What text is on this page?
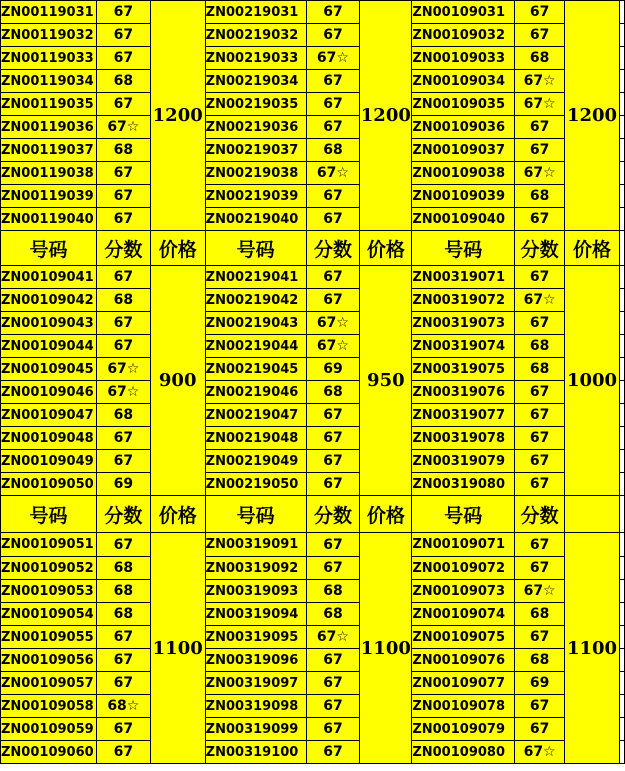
ZN00119031	67	1200	ZN00219031	67	1200	ZN00109031	67	1200	
ZN00119032	67		ZN00219032	67		ZN00109032	67		
ZN00119033	67		ZN00219033	67☆		ZN00109033	68		
ZN00119034	68		ZN00219034	67		ZN00109034	67☆		
ZN00119035	67		ZN00219035	67		ZN00109035	67☆		
ZN00119036	67☆		ZN00219036	67		ZN00109036	67		
ZN00119037	68		ZN00219037	68		ZN00109037	67		
ZN00119038	67		ZN00219038	67☆		ZN00109038	67☆		
ZN00119039	67		ZN00219039	67		ZN00109039	68		
ZN00119040	67		ZN00219040	67		ZN00109040	67		
号码	分数	价格	号码	分数	价格	号码	分数	价格	
ZN00109041	67	900	ZN00219041	67	950	ZN00319071	67	1000	
ZN00109042	68		ZN00219042	67		ZN00319072	67☆		
ZN00109043	67		ZN00219043	67☆		ZN00319073	67		
ZN00109044	67		ZN00219044	67☆		ZN00319074	68		
ZN00109045	67☆		ZN00219045	69		ZN00319075	68		
ZN00109046	67☆		ZN00219046	68		ZN00319076	67		
ZN00109047	68		ZN00219047	67		ZN00319077	67		
ZN00109048	67		ZN00219048	67		ZN00319078	67		
ZN00109049	67		ZN00219049	67		ZN00319079	67		
ZN00109050	69		ZN00219050	67		ZN00319080	67		
号码	分数	价格	号码	分数	价格	号码	分数		
ZN00109051	67	1100	ZN00319091	67	1100	ZN00109071	67	1100	
ZN00109052	68		ZN00319092	67		ZN00109072	67		
ZN00109053	68		ZN00319093	68		ZN00109073	67☆		
ZN00109054	68		ZN00319094	68		ZN00109074	68		
ZN00109055	67		ZN00319095	67☆		ZN00109075	67		
ZN00109056	67		ZN00319096	67		ZN00109076	68		
ZN00109057	67		ZN00319097	67		ZN00109077	69		
ZN00109058	68☆		ZN00319098	67		ZN00109078	67		
ZN00109059	67		ZN00319099	67		ZN00109079	67		
ZN00109060	67		ZN00319100	67		ZN00109080	67☆		
